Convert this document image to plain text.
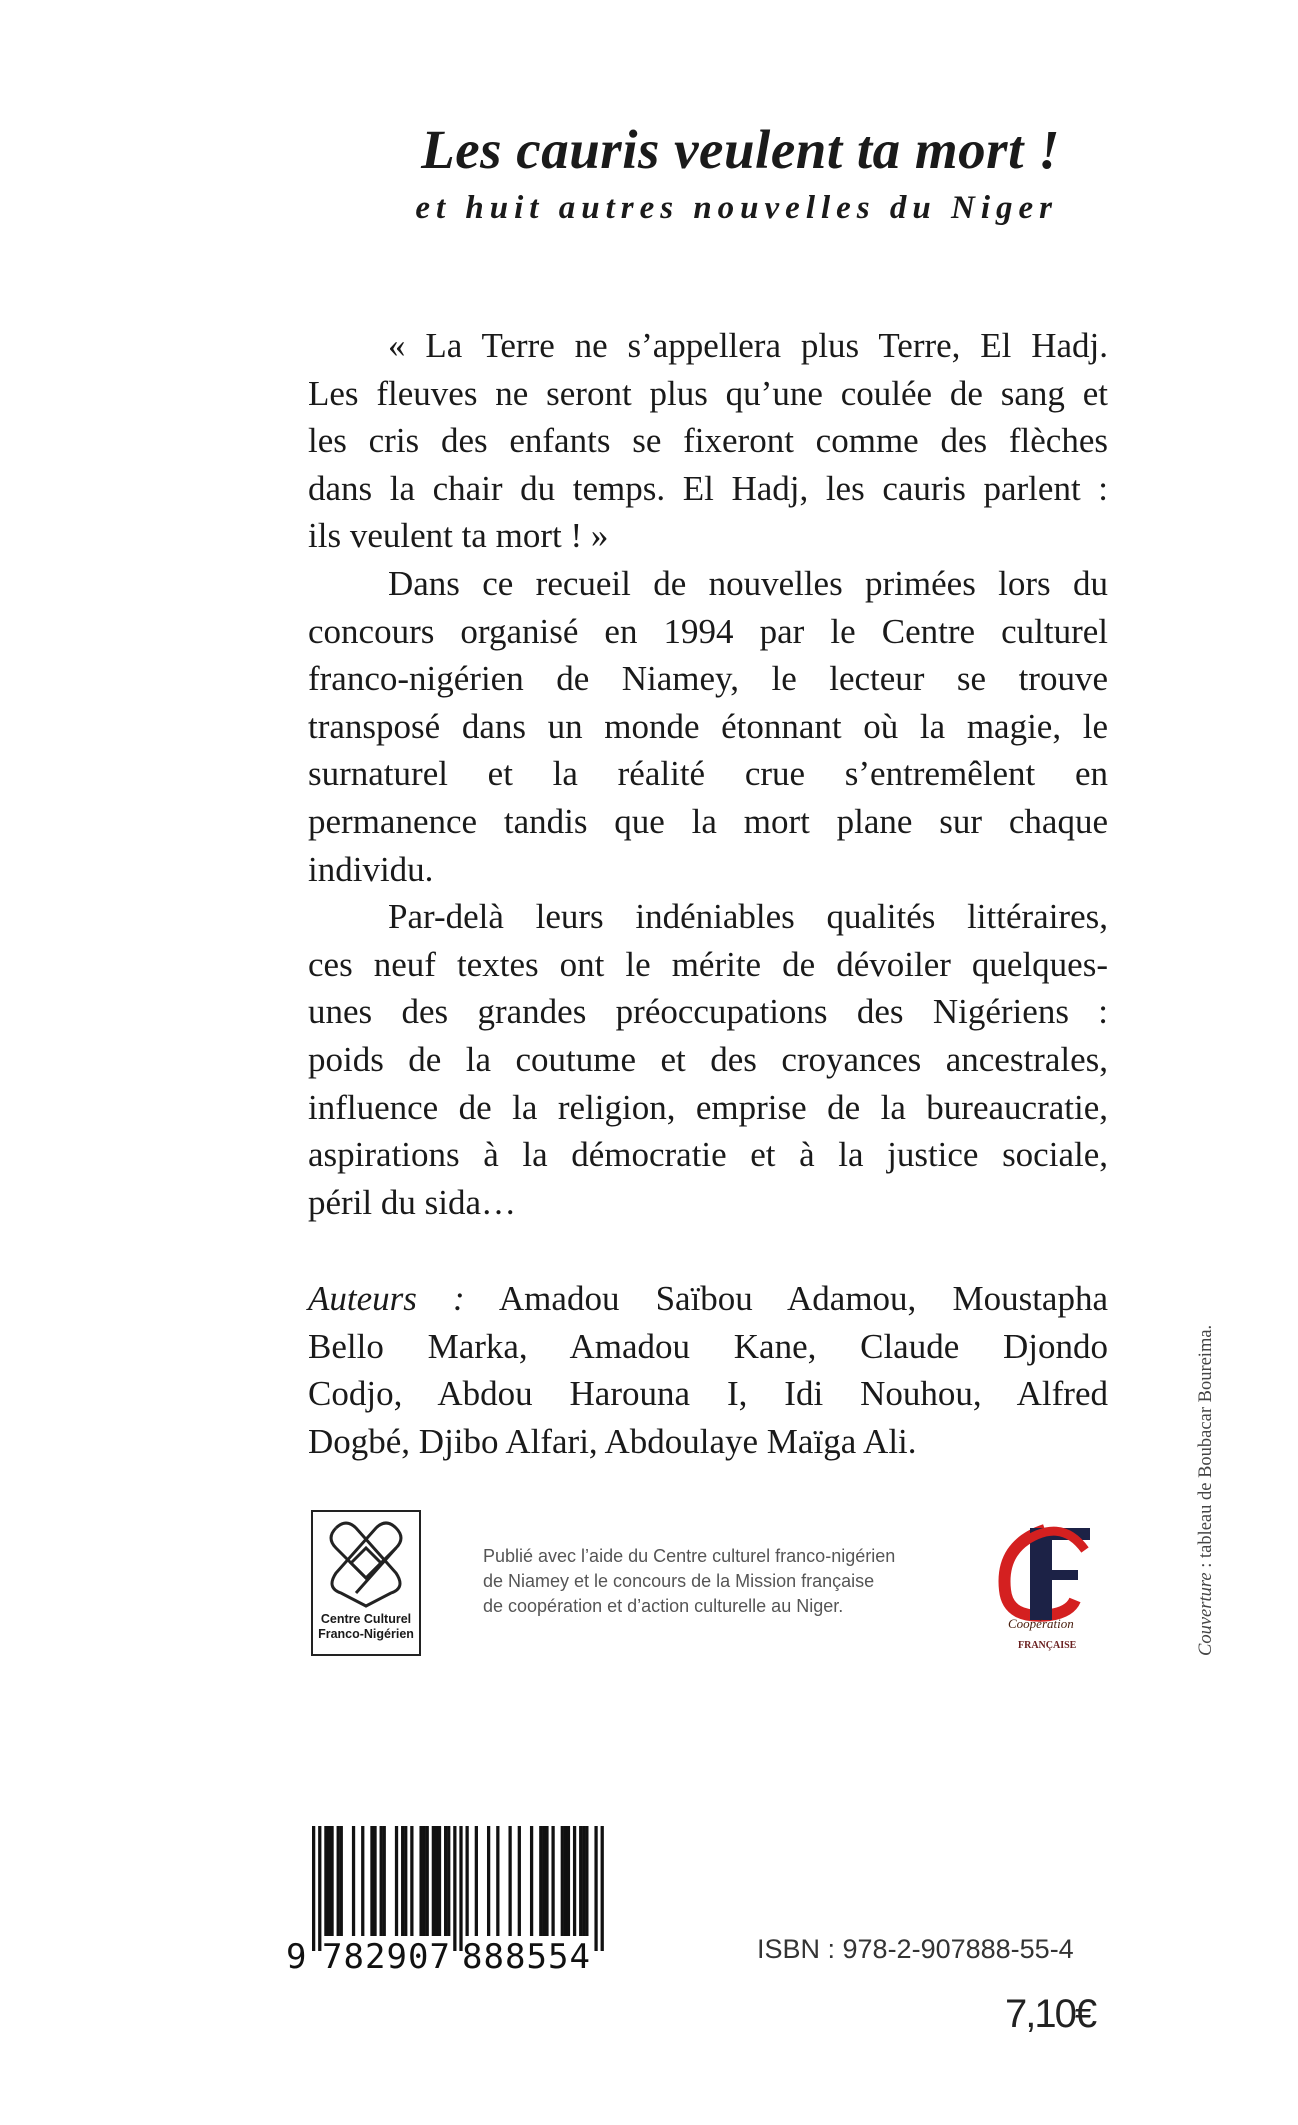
Les cauris veulent ta mort !
et huit autres nouvelles du Niger
« La Terre ne s’appellera plus Terre, El Hadj.
Les fleuves ne seront plus qu’une coulée de sang et
les cris des enfants se fixeront comme des flèches
dans la chair du temps. El Hadj, les cauris parlent :
ils veulent ta mort ! »
Dans ce recueil de nouvelles primées lors du
concours organisé en 1994 par le Centre culturel
franco-nigérien de Niamey, le lecteur se trouve
transposé dans un monde étonnant où la magie, le
surnaturel et la réalité crue s’entremêlent en
permanence tandis que la mort plane sur chaque
individu.
Par-delà leurs indéniables qualités littéraires,
ces neuf textes ont le mérite de dévoiler quelques-
unes des grandes préoccupations des Nigériens :
poids de la coutume et des croyances ancestrales,
influence de la religion, emprise de la bureaucratie,
aspirations à la démocratie et à la justice sociale,
péril du sida…
Auteurs : Amadou Saïbou Adamou, Moustapha
Bello Marka, Amadou Kane, Claude Djondo
Codjo, Abdou Harouna I, Idi Nouhou, Alfred
Dogbé, Djibo Alfari, Abdoulaye Maïga Ali.
Centre Culturel
Franco-Nigérien
Publié avec l’aide du Centre culturel franco-nigérien
de Niamey et le concours de la Mission française
de coopération et d’action culturelle au Niger.
Coopération
FRANÇAISE	Couverture : tableau de Boubacar Boureima.
9 782907 888554	ISBN : 978-2-907888-55-4
7,10€
